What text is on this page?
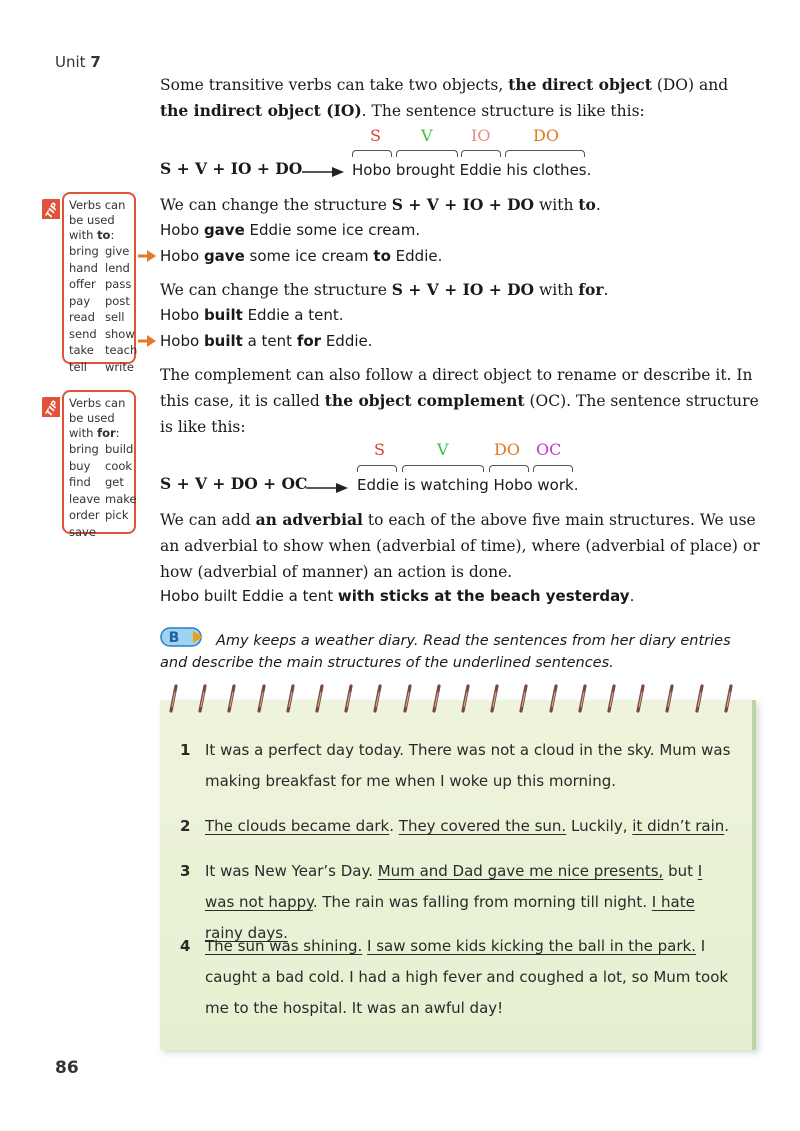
Unit 7
Some transitive verbs can take two objects, the direct object (DO) and the indirect object (IO). The sentence structure is like this:
S	V IO	DO
S + V + IO + DO	Hobo brought Eddie his clothes.
We can change the structure S + V + IO + DO with to.
Hobo gave Eddie some ice cream.
Hobo gave some ice cream to Eddie.
We can change the structure S + V + IO + DO with for.
Hobo built Eddie a tent.
Hobo built a tent for Eddie.
The complement can also follow a direct object to rename or describe it. In this case, it is called the object complement (OC). The sentence structure is like this:
S	V	DO OC
S + V + DO + OC	Eddie is watching Hobo work.
We can add an adverbial to each of the above five main structures. We use an adverbial to show when (adverbial of time), where (adverbial of place) or how (adverbial of manner) an action is done.
Hobo built Eddie a tent with sticks at the beach yesterday.
TIP Verbs can be used with to:
bring give
hand lend
offer pass
pay	post
read sell
send show
take teach
tell	write
TIP Verbs can be used with for:
bring build
buy	cook
find	get
leave make
order pick
save
B	Amy keeps a weather diary. Read the sentences from her diary entries and describe the main structures of the underlined sentences.
1 It was a perfect day today. There was not a cloud in the sky. Mum was making breakfast for me when I woke up this morning.
2 The clouds became dark. They covered the sun. Luckily, it didn’t rain.
3 It was New Year’s Day. Mum and Dad gave me nice presents, but I was not happy. The rain was falling from morning till night. I hate rainy days.
4 The sun was shining. I saw some kids kicking the ball in the park. I caught a bad cold. I had a high fever and coughed a lot, so Mum took me to the hospital. It was an awful day!
86
